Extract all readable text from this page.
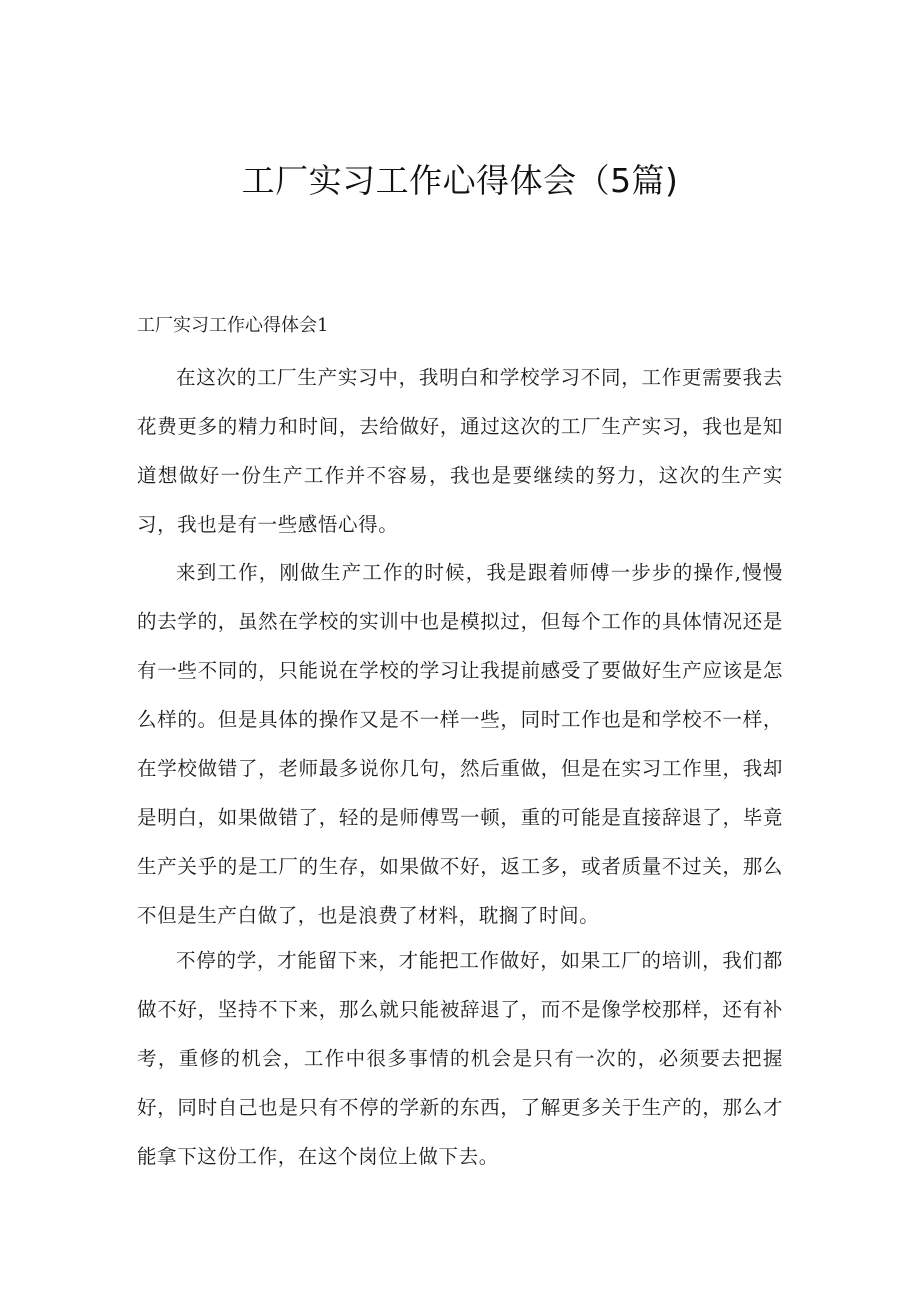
工厂实习工作心得体会（5篇)
工厂实习工作心得体会1

在这次的工厂生产实习中，我明白和学校学习不同，工作更需要我去花费更多的精力和时间，去给做好，通过这次的工厂生产实习，我也是知道想做好一份生产工作并不容易，我也是要继续的努力，这次的生产实习，我也是有一些感悟心得。

来到工作，刚做生产工作的时候，我是跟着师傅一步步的操作,慢慢的去学的，虽然在学校的实训中也是模拟过，但每个工作的具体情况还是有一些不同的，只能说在学校的学习让我提前感受了要做好生产应该是怎么样的。但是具体的操作又是不一样一些，同时工作也是和学校不一样，在学校做错了，老师最多说你几句，然后重做，但是在实习工作里，我却是明白，如果做错了，轻的是师傅骂一顿，重的可能是直接辞退了，毕竟生产关乎的是工厂的生存，如果做不好，返工多，或者质量不过关，那么不但是生产白做了，也是浪费了材料，耽搁了时间。

不停的学，才能留下来，才能把工作做好，如果工厂的培训，我们都做不好，坚持不下来，那么就只能被辞退了，而不是像学校那样，还有补考，重修的机会，工作中很多事情的机会是只有一次的，必须要去把握好，同时自己也是只有不停的学新的东西，了解更多关于生产的，那么才能拿下这份工作，在这个岗位上做下去。
